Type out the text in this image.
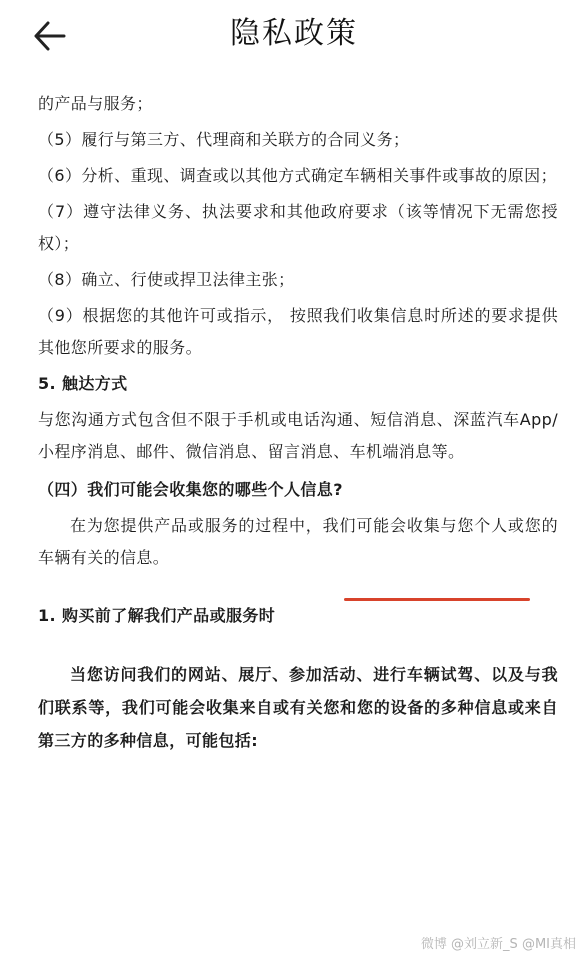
隐私政策

的产品与服务；

（5）履行与第三方、代理商和关联方的合同义务；

（6）分析、重现、调查或以其他方式确定车辆相关事件或事故的原因；

（7）遵守法律义务、执法要求和其他政府要求（该等情况下无需您授权）；

（8）确立、行使或捍卫法律主张；

（9）根据您的其他许可或指示， 按照我们收集信息时所述的要求提供其他您所要求的服务。

5. 触达方式

与您沟通方式包含但不限于手机或电话沟通、短信消息、深蓝汽车App/小程序消息、邮件、微信消息、留言消息、车机端消息等。

（四）我们可能会收集您的哪些个人信息?

在为您提供产品或服务的过程中，我们可能会收集与您个人或您的车辆有关的信息。

1. 购买前了解我们产品或服务时

当您访问我们的网站、展厅、参加活动、进行车辆试驾、以及与我们联系等，我们可能会收集来自或有关您和您的设备的多种信息或来自第三方的多种信息，可能包括:

微博 @刘立新_S @MI真相
